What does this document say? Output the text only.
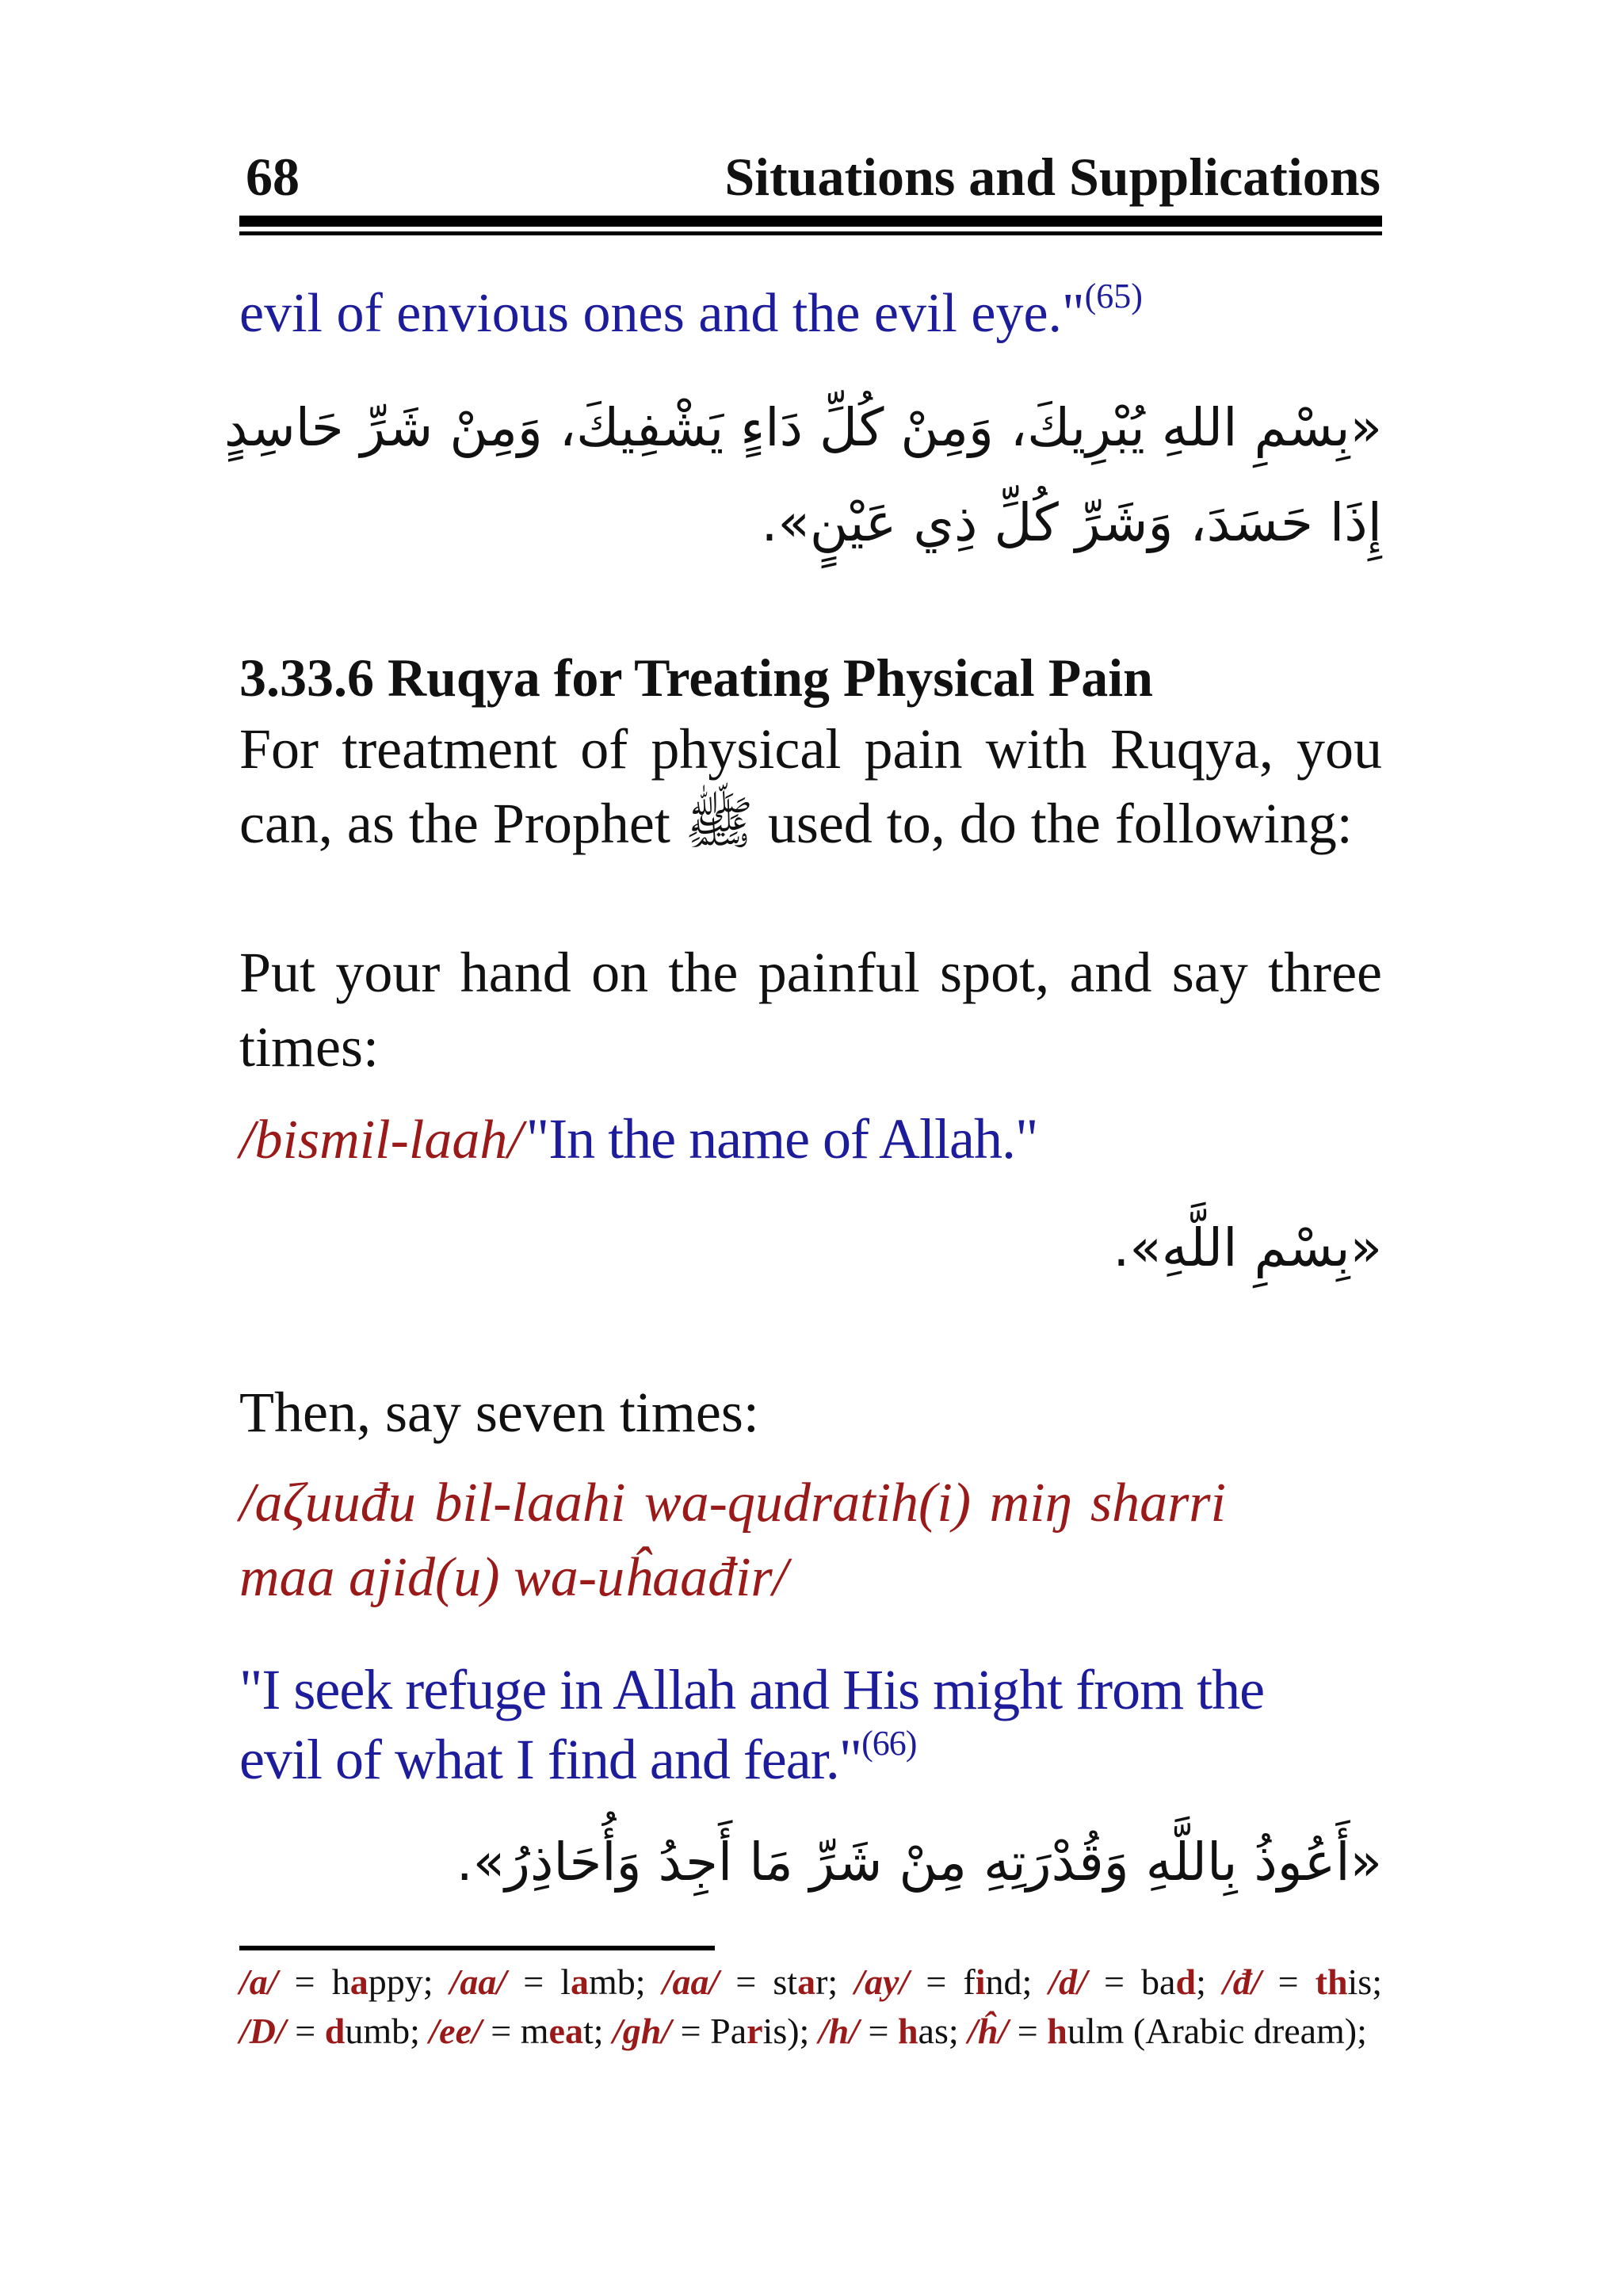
68	Situations and Supplications
evil of envious ones and the evil eye."$^{(65)}$
«بِسْمِ اللهِ يُبْرِيكَ، وَمِنْ كُلِّ دَاءٍ يَشْفِيكَ، وَمِنْ شَرِّ حَاسِدٍ
إِذَا حَسَدَ، وَشَرِّ كُلِّ ذِي عَيْنٍ».
3.33.6 Ruqya for Treating Physical Pain
For treatment of physical pain with Ruqya, you can, as the Prophet ﷺ used to, do the following:
Put your hand on the painful spot, and say three times:
/bismil-laah/ "In the name of Allah."
«بِسْمِ اللَّهِ».
Then, say seven times:
/aζuuđu bil-laahi wa-qudratih(i) miŋ sharri
maa ajid(u) wa-uĥaađir/
"I seek refuge in Allah and His might from the
evil of what I find and fear."$^{(66)}$
«أَعُوذُ بِاللَّهِ وَقُدْرَتِهِ مِنْ شَرِّ مَا أَجِدُ وَأُحَاذِرُ».
/a/ = happy; /aa/ = lamb; /aa/ = star; /ay/ = find; /d/ = bad; /đ/ = this; /D/ = dumb; /ee/ = meat; /gh/ = Paris); /h/ = has; /ĥ/ = hulm (Arabic dream);
